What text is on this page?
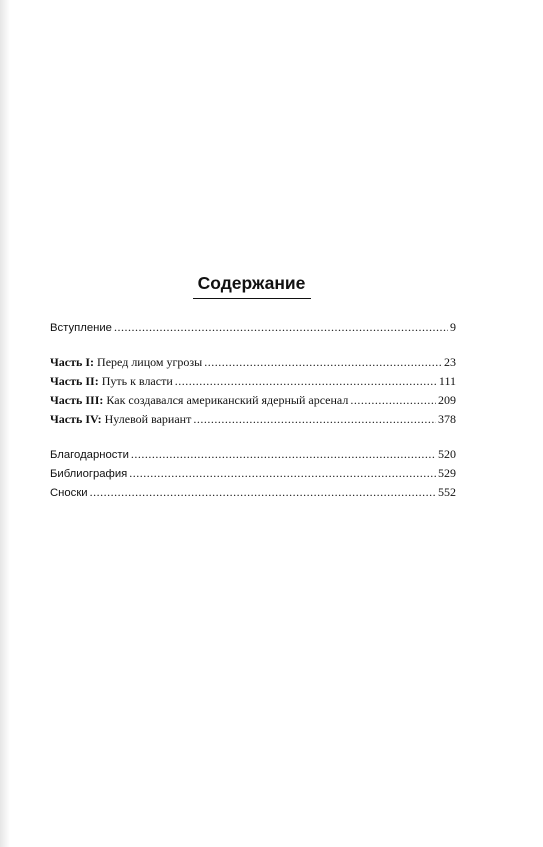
Содержание
Вступление .....	9
Часть I: Перед лицом угрозы .....	23
Часть II: Путь к власти .....	111
Часть III: Как создавался американский ядерный арсенал .....	209
Часть IV: Нулевой вариант .....	378
Благодарности .....	520
Библиография .....	529
Сноски .....	552
